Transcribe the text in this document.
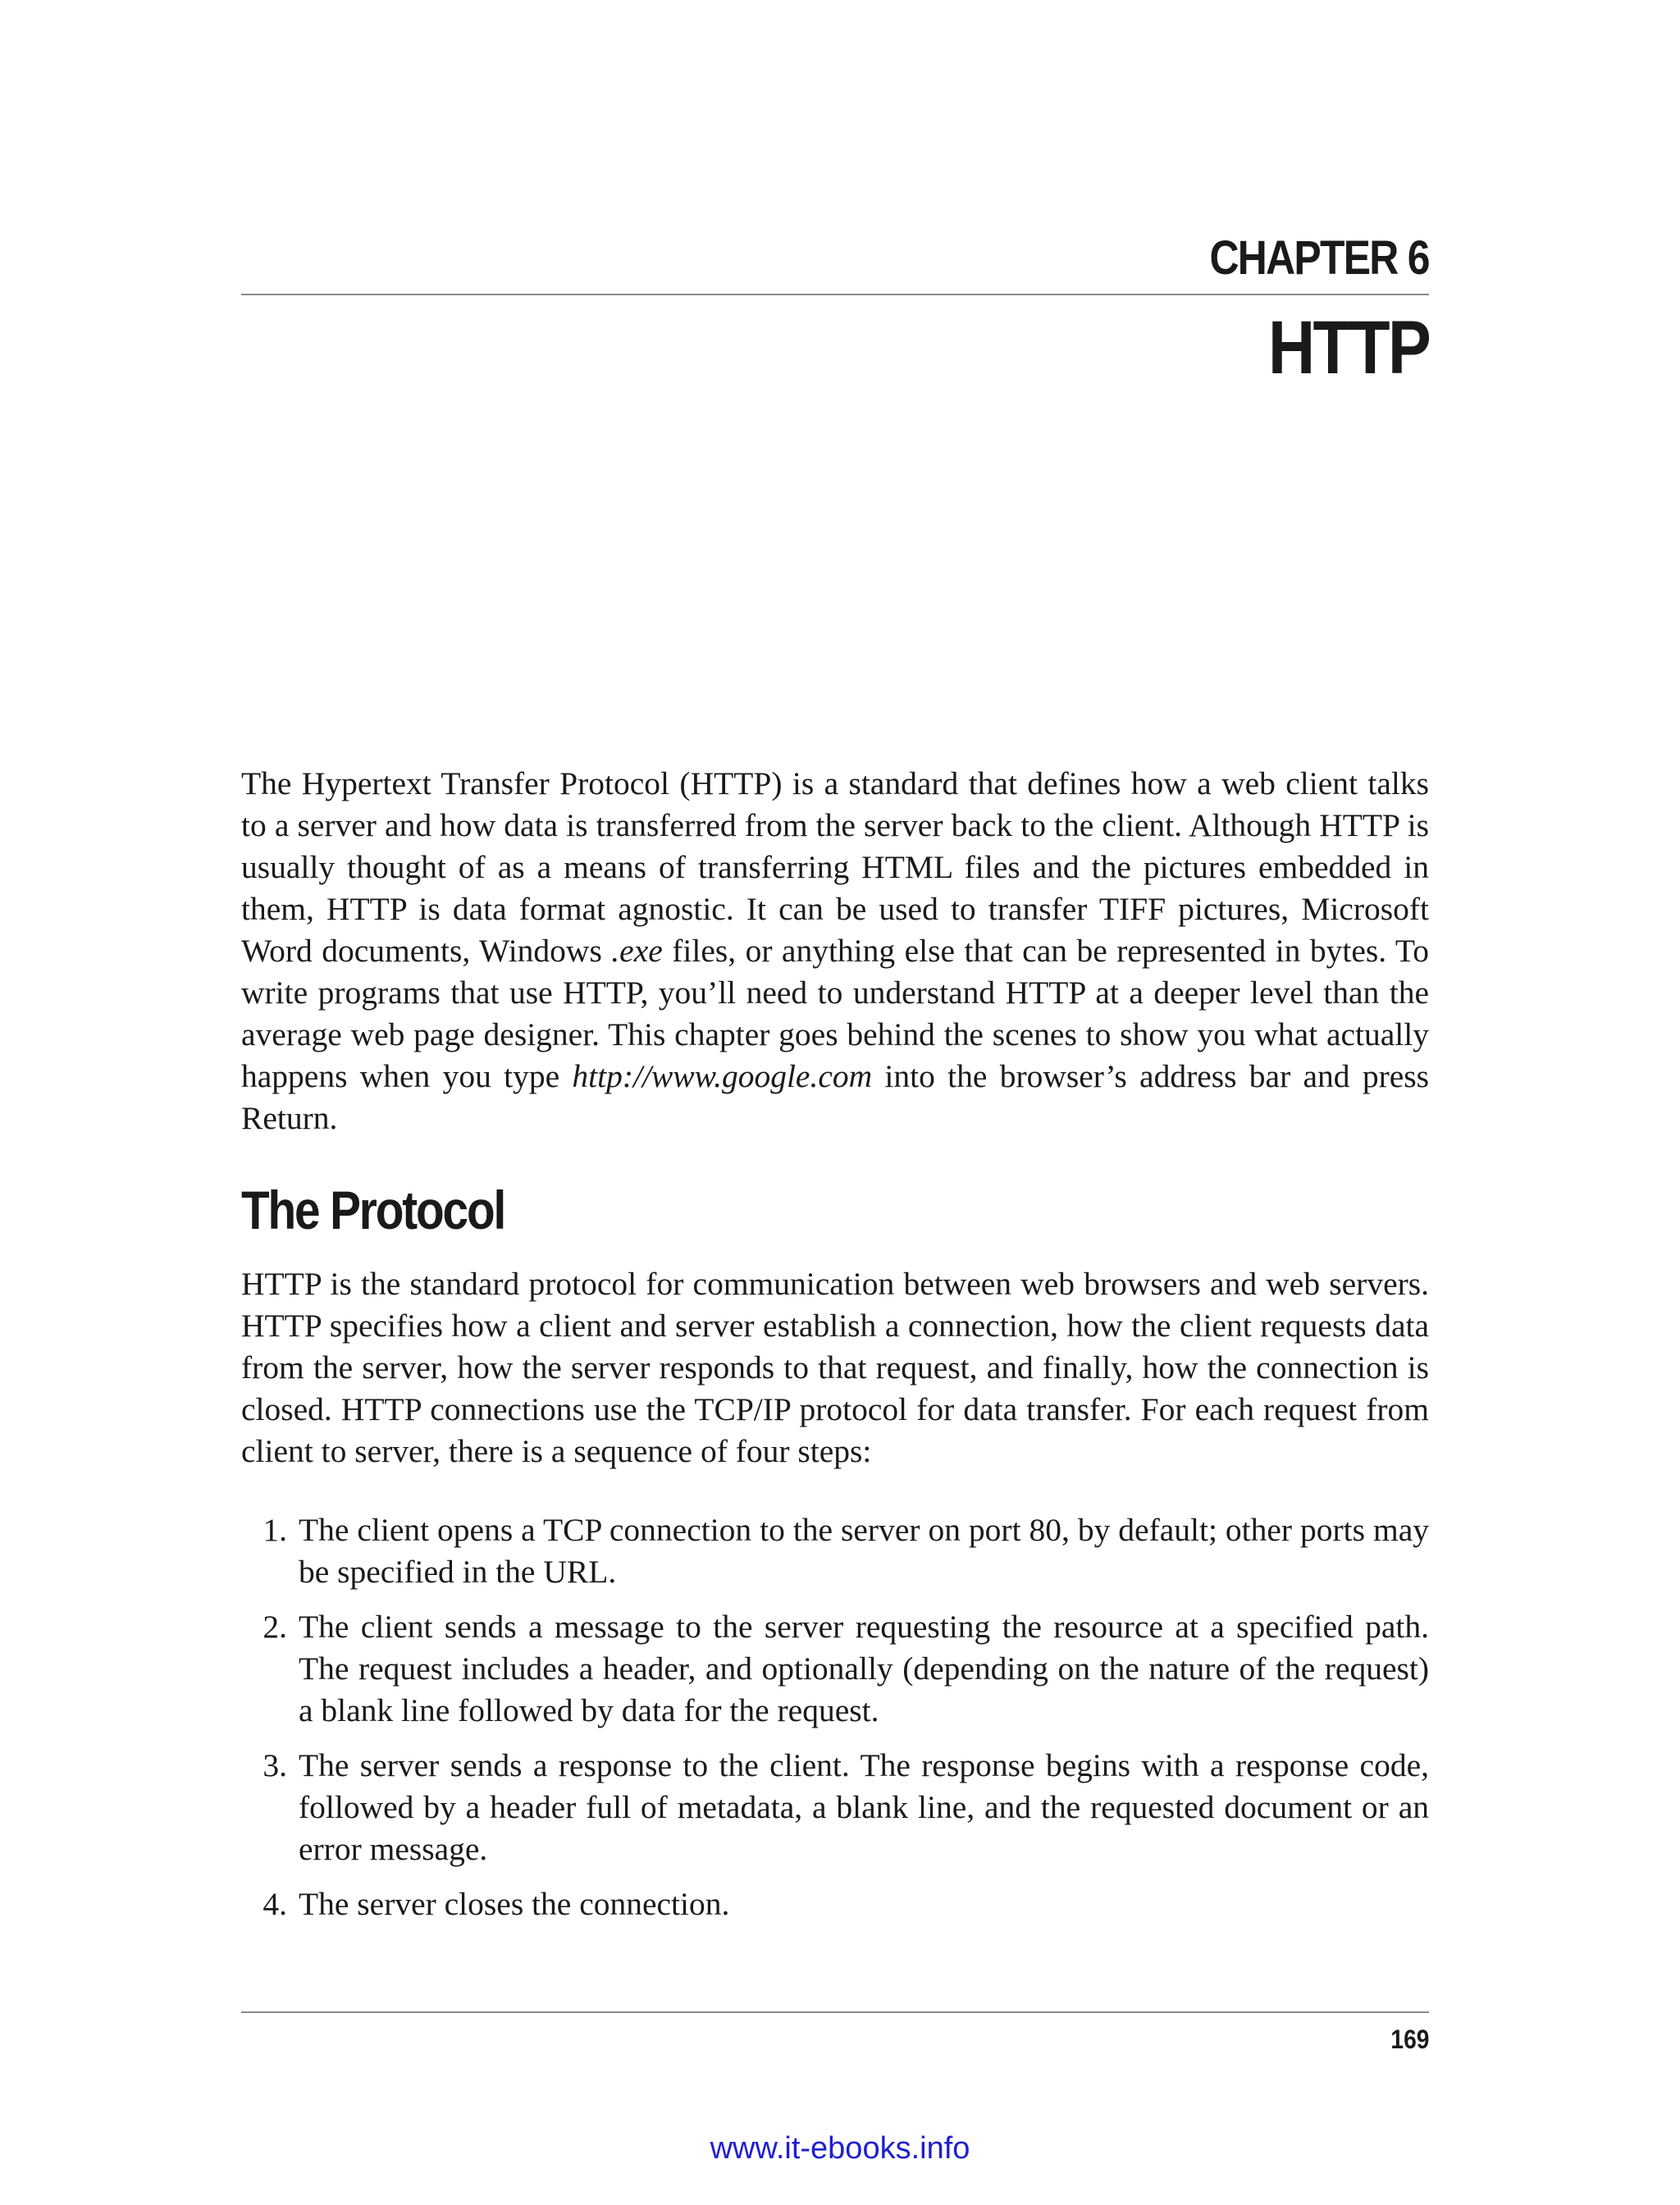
CHAPTER 6
HTTP

The Hypertext Transfer Protocol (HTTP) is a standard that defines how a web client talks to a server and how data is transferred from the server back to the client. Although HTTP is usually thought of as a means of transferring HTML files and the pictures embedded in them, HTTP is data format agnostic. It can be used to transfer TIFF pictures, Microsoft Word documents, Windows .exe files, or anything else that can be represented in bytes. To write programs that use HTTP, you’ll need to understand HTTP at a deeper level than the average web page designer. This chapter goes behind the scenes to show you what actually happens when you type http://www.google.com into the browser’s address bar and press Return.

The Protocol

HTTP is the standard protocol for communication between web browsers and web servers. HTTP specifies how a client and server establish a connection, how the client requests data from the server, how the server responds to that request, and finally, how the connection is closed. HTTP connections use the TCP/IP protocol for data transfer. For each request from client to server, there is a sequence of four steps:

1. The client opens a TCP connection to the server on port 80, by default; other ports may be specified in the URL.
2. The client sends a message to the server requesting the resource at a specified path. The request includes a header, and optionally (depending on the nature of the request) a blank line followed by data for the request.
3. The server sends a response to the client. The response begins with a response code, followed by a header full of metadata, a blank line, and the requested document or an error message.
4. The server closes the connection.
169
www.it-ebooks.info
